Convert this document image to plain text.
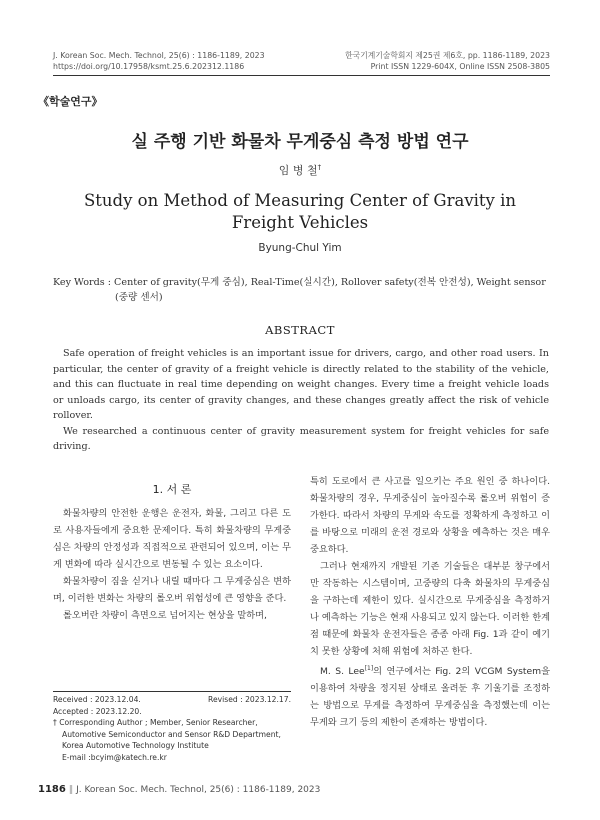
J. Korean Soc. Mech. Technol, 25(6) : 1186-1189, 2023
https://doi.org/10.17958/ksmt.25.6.202312.1186
한국기계기술학회지 제25권 제6호, pp. 1186-1189, 2023
Print ISSN 1229-604X, Online ISSN 2508-3805
《학술연구》
실 주행 기반 화물차 무게중심 측정 방법 연구
임 병 철†
Study on Method of Measuring Center of Gravity in
Freight Vehicles
Byung-Chul Yim
Key Words : Center of gravity(무게 중심), Real-Time(실시간), Rollover safety(전복 안전성), Weight sensor
(중량 센서)
ABSTRACT

Safe operation of freight vehicles is an important issue for drivers, cargo, and other road users. In particular, the center of gravity of a freight vehicle is directly related to the stability of the vehicle, and this can fluctuate in real time depending on weight changes. Every time a freight vehicle loads or unloads cargo, its center of gravity changes, and these changes greatly affect the risk of vehicle rollover.

We researched a continuous center of gravity measurement system for freight vehicles for safe driving.

1. 서 론

화물차량의 안전한 운행은 운전자, 화물, 그리고 다른 도로 사용자들에게 중요한 문제이다. 특히 화물차량의 무게중심은 차량의 안정성과 직접적으로 관련되어 있으며, 이는 무게 변화에 따라 실시간으로 변동될 수 있는 요소이다.

화물차량이 짐을 싣거나 내릴 때마다 그 무게중심은 변하며, 이러한 변화는 차량의 롤오버 위험성에 큰 영향을 준다.

롤오버란 차량이 측면으로 넘어지는 현상을 말하며,

Received : 2023.12.04.	Revised : 2023.12.17.
Accepted : 2023.12.20.
† Corresponding Author ; Member, Senior Researcher,
Automotive Semiconductor and Sensor R&D Department,
Korea Automotive Technology Institute
E-mail :bcyim@katech.re.kr

특히 도로에서 큰 사고를 일으키는 주요 원인 중 하나이다. 화물차량의 경우, 무게중심이 높아질수록 롤오버 위험이 증가한다. 따라서 차량의 무게와 속도를 정확하게 측정하고 이를 바탕으로 미래의 운전 경로와 상황을 예측하는 것은 매우 중요하다.

그러나 현재까지 개발된 기존 기술들은 대부분 창구에서만 작동하는 시스템이며, 고중량의 다축 화물차의 무게중심을 구하는데 제한이 있다. 실시간으로 무게중심을 측정하거나 예측하는 기능은 현재 사용되고 있지 않는다. 이러한 한계점 때문에 화물차 운전자들은 종종 아래 Fig. 1과 같이 예기치 못한 상황에 처해 위험에 처하곤 한다.

M. S. Lee[1]의 연구에서는 Fig. 2의 VCGM System을 이용하여 차량을 정지된 상태로 올려둔 후 기울기를 조정하는 방법으로 무게를 측정하여 무게중심을 측정했는데 이는 무게와 크기 등의 제한이 존재하는 방법이다.

1186 ‖ J. Korean Soc. Mech. Technol, 25(6) : 1186-1189, 2023
